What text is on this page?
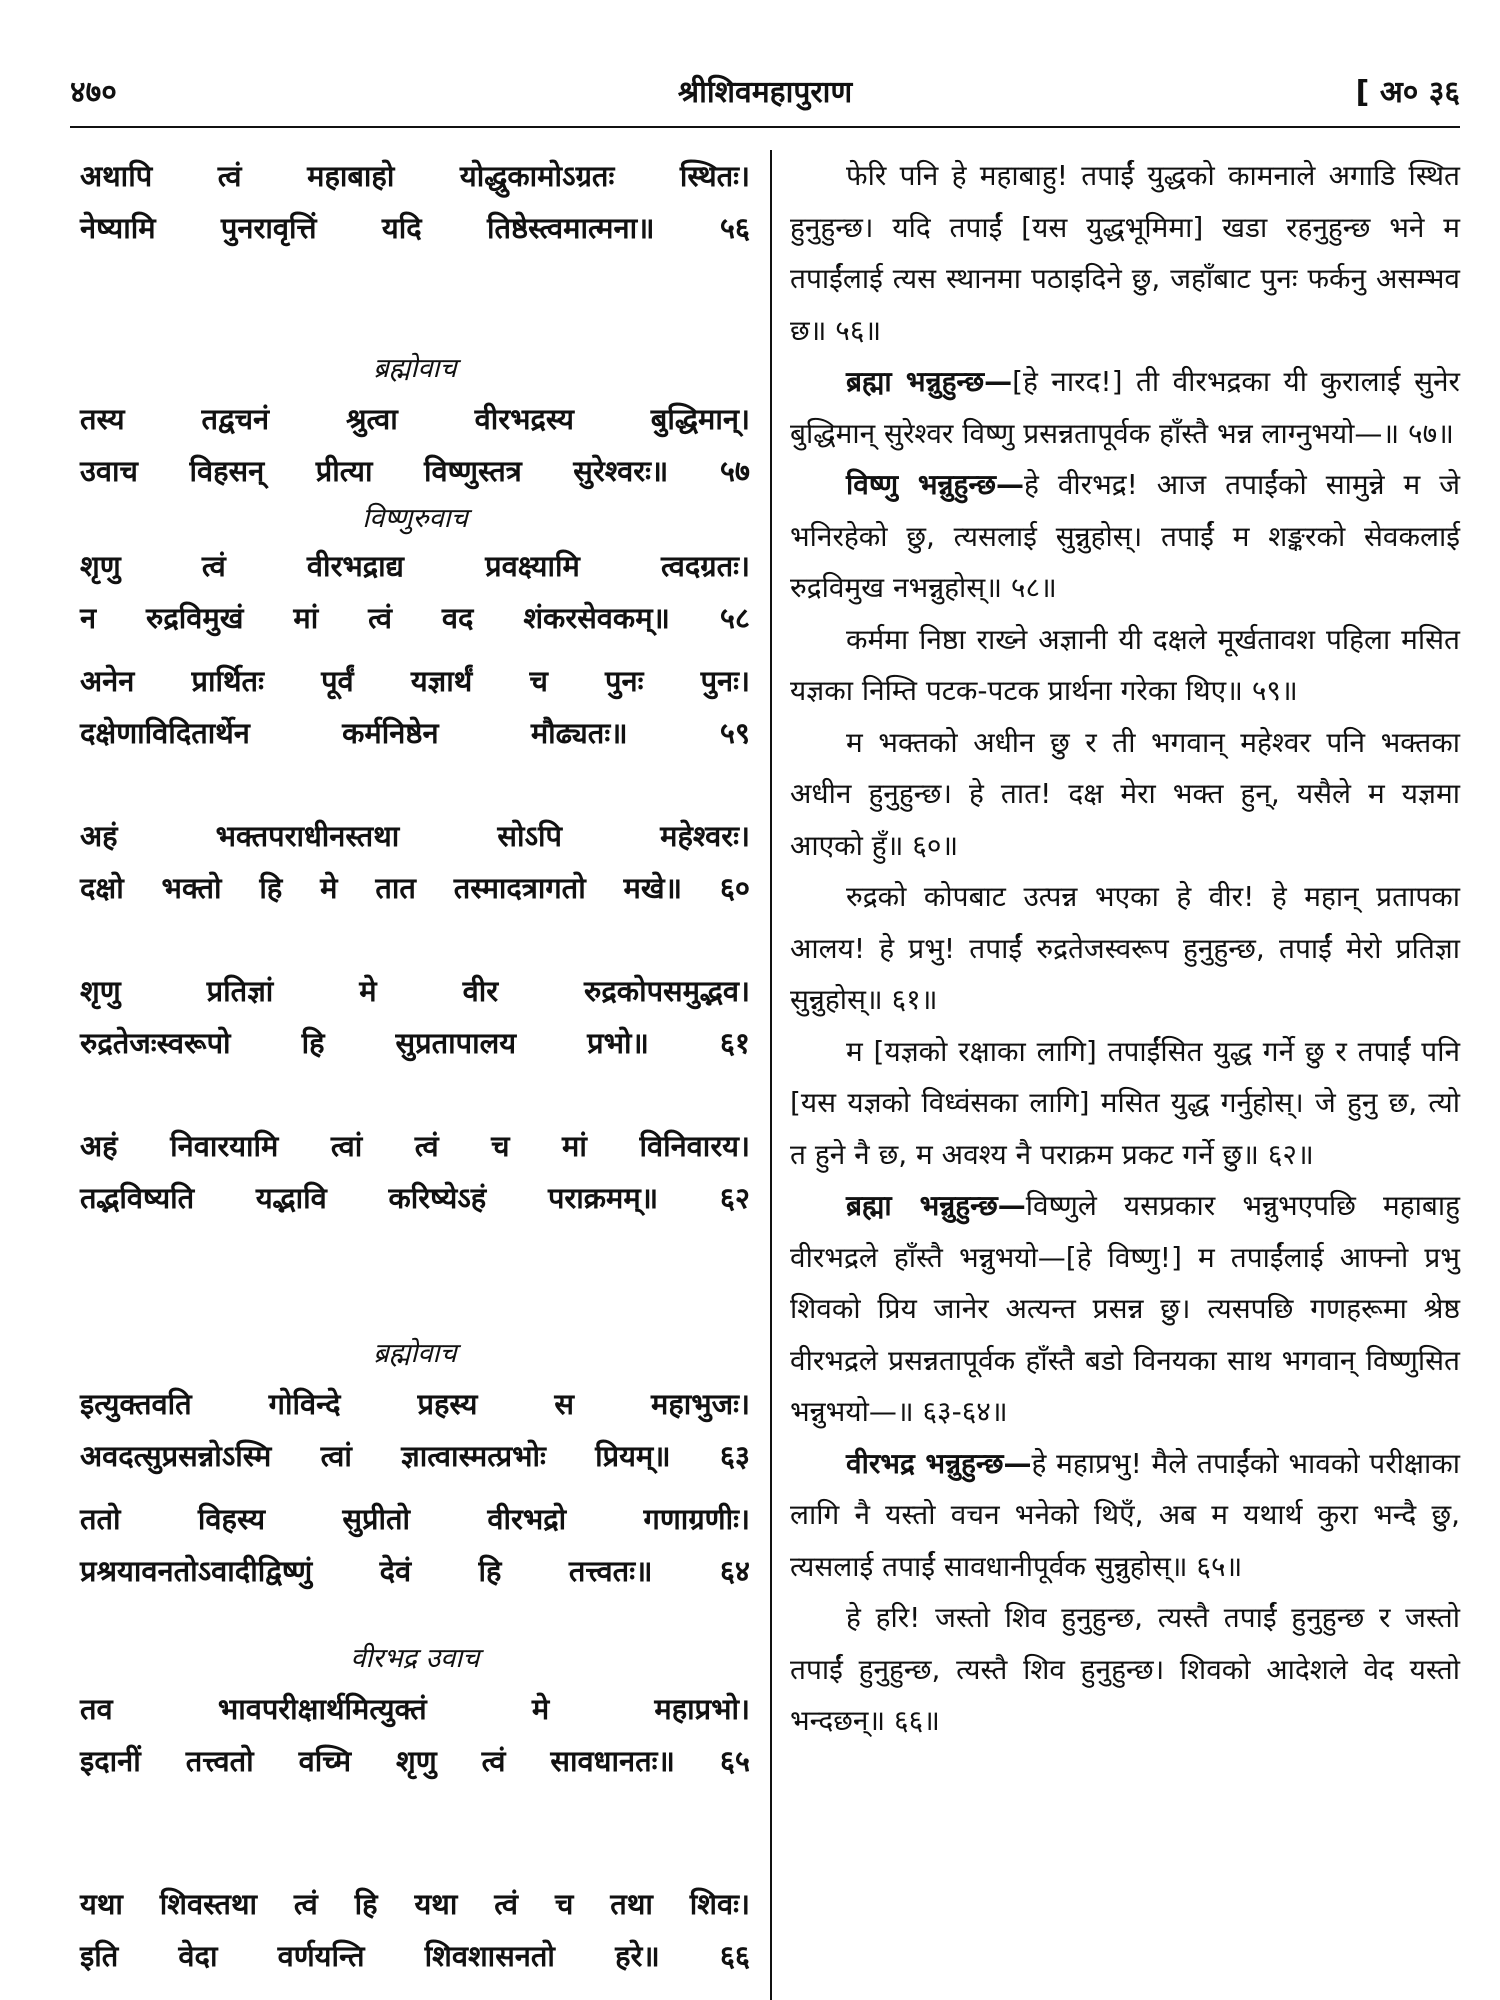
४७०	श्रीशिवमहापुराण	[ अ० ३६
अथापि त्वं महाबाहो योद्धुकामोऽग्रतः स्थितः।
नेष्यामि पुनरावृत्तिं यदि तिष्ठेस्त्वमात्मना॥ ५६
ब्रह्मोवाच
तस्य तद्वचनं श्रुत्वा वीरभद्रस्य बुद्धिमान्।
उवाच विहसन् प्रीत्या विष्णुस्तत्र सुरेश्वरः॥ ५७
विष्णुरुवाच
श‍ृणु त्वं वीरभद्राद्य प्रवक्ष्यामि त्वदग्रतः।
न रुद्रविमुखं मां त्वं वद शंकरसेवकम्॥ ५८
अनेन प्रार्थितः पूर्वं यज्ञार्थं च पुनः पुनः।
दक्षेणाविदितार्थेन कर्मनिष्ठेन मौढ्यतः॥ ५९
अहं भक्तपराधीनस्तथा सोऽपि महेश्वरः।
दक्षो भक्तो हि मे तात तस्मादत्रागतो मखे॥ ६०
श‍ृणु प्रतिज्ञां मे वीर रुद्रकोपसमुद्भव।
रुद्रतेजःस्वरूपो हि सुप्रतापालय प्रभो॥ ६१
अहं निवारयामि त्वां त्वं च मां विनिवारय।
तद्भविष्यति यद्भावि करिष्येऽहं पराक्रमम्॥ ६२
ब्रह्मोवाच
इत्युक्तवति गोविन्दे प्रहस्य स महाभुजः।
अवदत्सुप्रसन्नोऽस्मि त्वां ज्ञात्वास्मत्प्रभोः प्रियम्॥ ६३
ततो विहस्य सुप्रीतो वीरभद्रो गणाग्रणीः।
प्रश्रयावनतोऽवादीद्विष्णुं देवं हि तत्त्वतः॥ ६४
वीरभद्र उवाच
तव भावपरीक्षार्थमित्युक्तं मे महाप्रभो।
इदानीं तत्त्वतो वच्मि श‍ृणु त्वं सावधानतः॥ ६५
यथा शिवस्तथा त्वं हि यथा त्वं च तथा शिवः।
इति वेदा वर्णयन्ति शिवशासनतो हरे॥ ६६

फेरि पनि हे महाबाहु! तपाईं युद्धको कामनाले अगाडि स्थित हुनुहुन्छ। यदि तपाईं [यस युद्धभूमिमा] खडा रहनुहुन्छ भने म तपाईंलाई त्यस स्थानमा पठाइदिने छु, जहाँबाट पुनः फर्कनु असम्भव छ॥ ५६॥

ब्रह्मा भन्नुहुन्छ—[हे नारद!] ती वीरभद्रका यी कुरालाई सुनेर बुद्धिमान् सुरेश्वर विष्णु प्रसन्नतापूर्वक हाँस्तै भन्न लाग्नुभयो—॥ ५७॥

विष्णु भन्नुहुन्छ—हे वीरभद्र! आज तपाईंको सामुन्ने म जे भनिरहेको छु, त्यसलाई सुन्नुहोस्। तपाईं म शङ्करको सेवकलाई रुद्रविमुख नभन्नुहोस्॥ ५८॥

कर्ममा निष्ठा राख्ने अज्ञानी यी दक्षले मूर्खतावश पहिला मसित यज्ञका निम्ति पटक-पटक प्रार्थना गरेका थिए॥ ५९॥

म भक्तको अधीन छु र ती भगवान् महेश्वर पनि भक्तका अधीन हुनुहुन्छ। हे तात! दक्ष मेरा भक्त हुन्, यसैले म यज्ञमा आएको हुँ॥ ६०॥

रुद्रको कोपबाट उत्पन्न भएका हे वीर! हे महान् प्रतापका आलय! हे प्रभु! तपाईं रुद्रतेजस्वरूप हुनुहुन्छ, तपाईं मेरो प्रतिज्ञा सुन्नुहोस्॥ ६१॥

म [यज्ञको रक्षाका लागि] तपाईंसित युद्ध गर्ने छु र तपाईं पनि [यस यज्ञको विध्वंसका लागि] मसित युद्ध गर्नुहोस्। जे हुनु छ, त्यो त हुने नै छ, म अवश्य नै पराक्रम प्रकट गर्ने छु॥ ६२॥

ब्रह्मा भन्नुहुन्छ—विष्णुले यसप्रकार भन्नुभएपछि महाबाहु वीरभद्रले हाँस्तै भन्नुभयो—[हे विष्णु!] म तपाईंलाई आफ्नो प्रभु शिवको प्रिय जानेर अत्यन्त प्रसन्न छु। त्यसपछि गणहरूमा श्रेष्ठ वीरभद्रले प्रसन्नतापूर्वक हाँस्तै बडो विनयका साथ भगवान् विष्णुसित भन्नुभयो—॥ ६३-६४॥

वीरभद्र भन्नुहुन्छ—हे महाप्रभु! मैले तपाईंको भावको परीक्षाका लागि नै यस्तो वचन भनेको थिएँ, अब म यथार्थ कुरा भन्दै छु, त्यसलाई तपाईं सावधानीपूर्वक सुन्नुहोस्॥ ६५॥

हे हरि! जस्तो शिव हुनुहुन्छ, त्यस्तै तपाईं हुनुहुन्छ र जस्तो तपाईं हुनुहुन्छ, त्यस्तै शिव हुनुहुन्छ। शिवको आदेशले वेद यस्तो भन्दछन्॥ ६६॥
